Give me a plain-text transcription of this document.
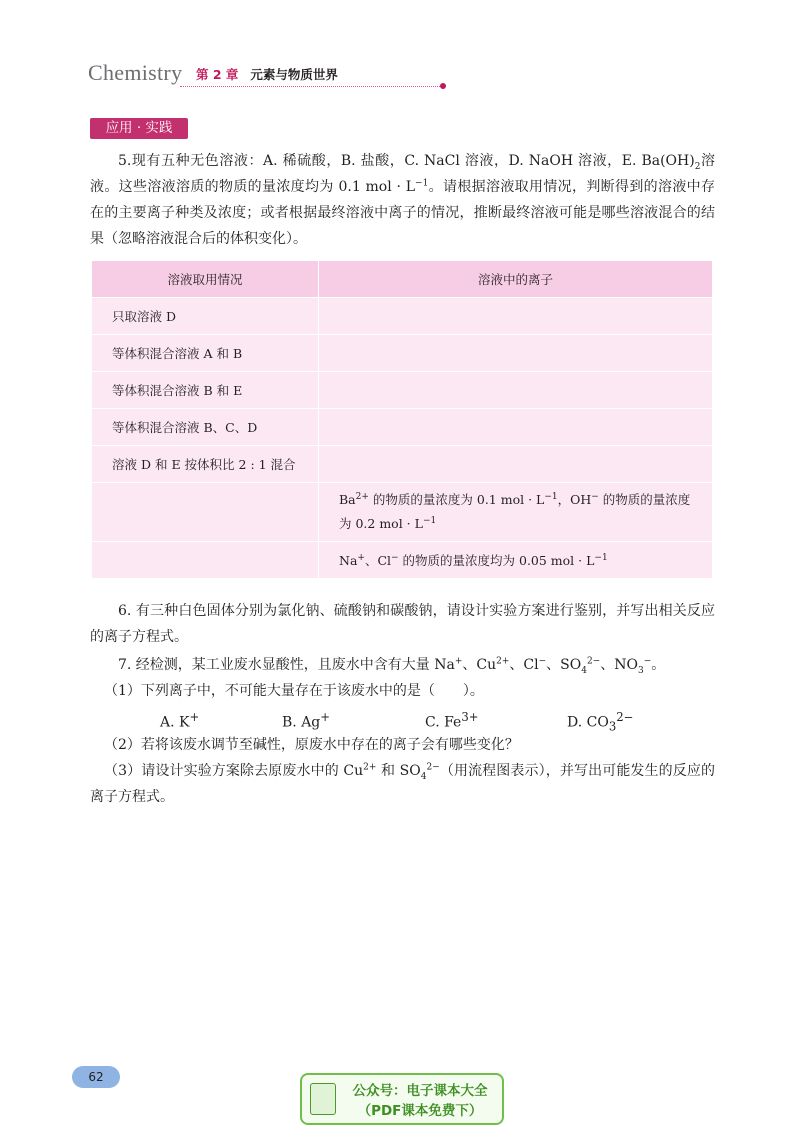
Chemistry 第 2 章 元素与物质世界
应用 · 实践
5.现有五种无色溶液：A. 稀硫酸，B. 盐酸，C. NaCl 溶液，D. NaOH 溶液，E. $Ba(OH)_2$溶液。这些溶液溶质的物质的量浓度均为 0.1 mol · $L^{-1}$。请根据溶液取用情况，判断得到的溶液中存在的主要离子种类及浓度；或者根据最终溶液中离子的情况，推断最终溶液可能是哪些溶液混合的结果（忽略溶液混合后的体积变化）。
溶液取用情况	溶液中的离子
只取溶液 D	
等体积混合溶液 A 和 B	
等体积混合溶液 B 和 E	
等体积混合溶液 B、C、D	
溶液 D 和 E 按体积比 2 : 1 混合	
	$Ba^{2+}$ 的物质的量浓度为 0.1 mol · $L^{-1}$，OH− 的物质的量浓度为 0.2 mol · $L^{-1}$
	Na+、Cl− 的物质的量浓度均为 0.05 mol · $L^{-1}$
6. 有三种白色固体分别为氯化钠、硫酸钠和碳酸钠，请设计实验方案进行鉴别，并写出相关反应的离子方程式。
7. 经检测，某工业废水显酸性，且废水中含有大量 Na+、$Cu^{2+}$、Cl−、$SO_4^{2-}$、$NO_3^-$。
（1）下列离子中，不可能大量存在于该废水中的是（　　）。
A. K+	B. Ag+	C. $Fe^{3+}$	D. $CO_3^{2-}$
（2）若将该废水调节至碱性，原废水中存在的离子会有哪些变化？
（3）请设计实验方案除去原废水中的 $Cu^{2+}$ 和 $SO_4^{2-}$（用流程图表示），并写出可能发生的反应的离子方程式。
62
公众号：电子课本大全
（PDF课本免费下）
